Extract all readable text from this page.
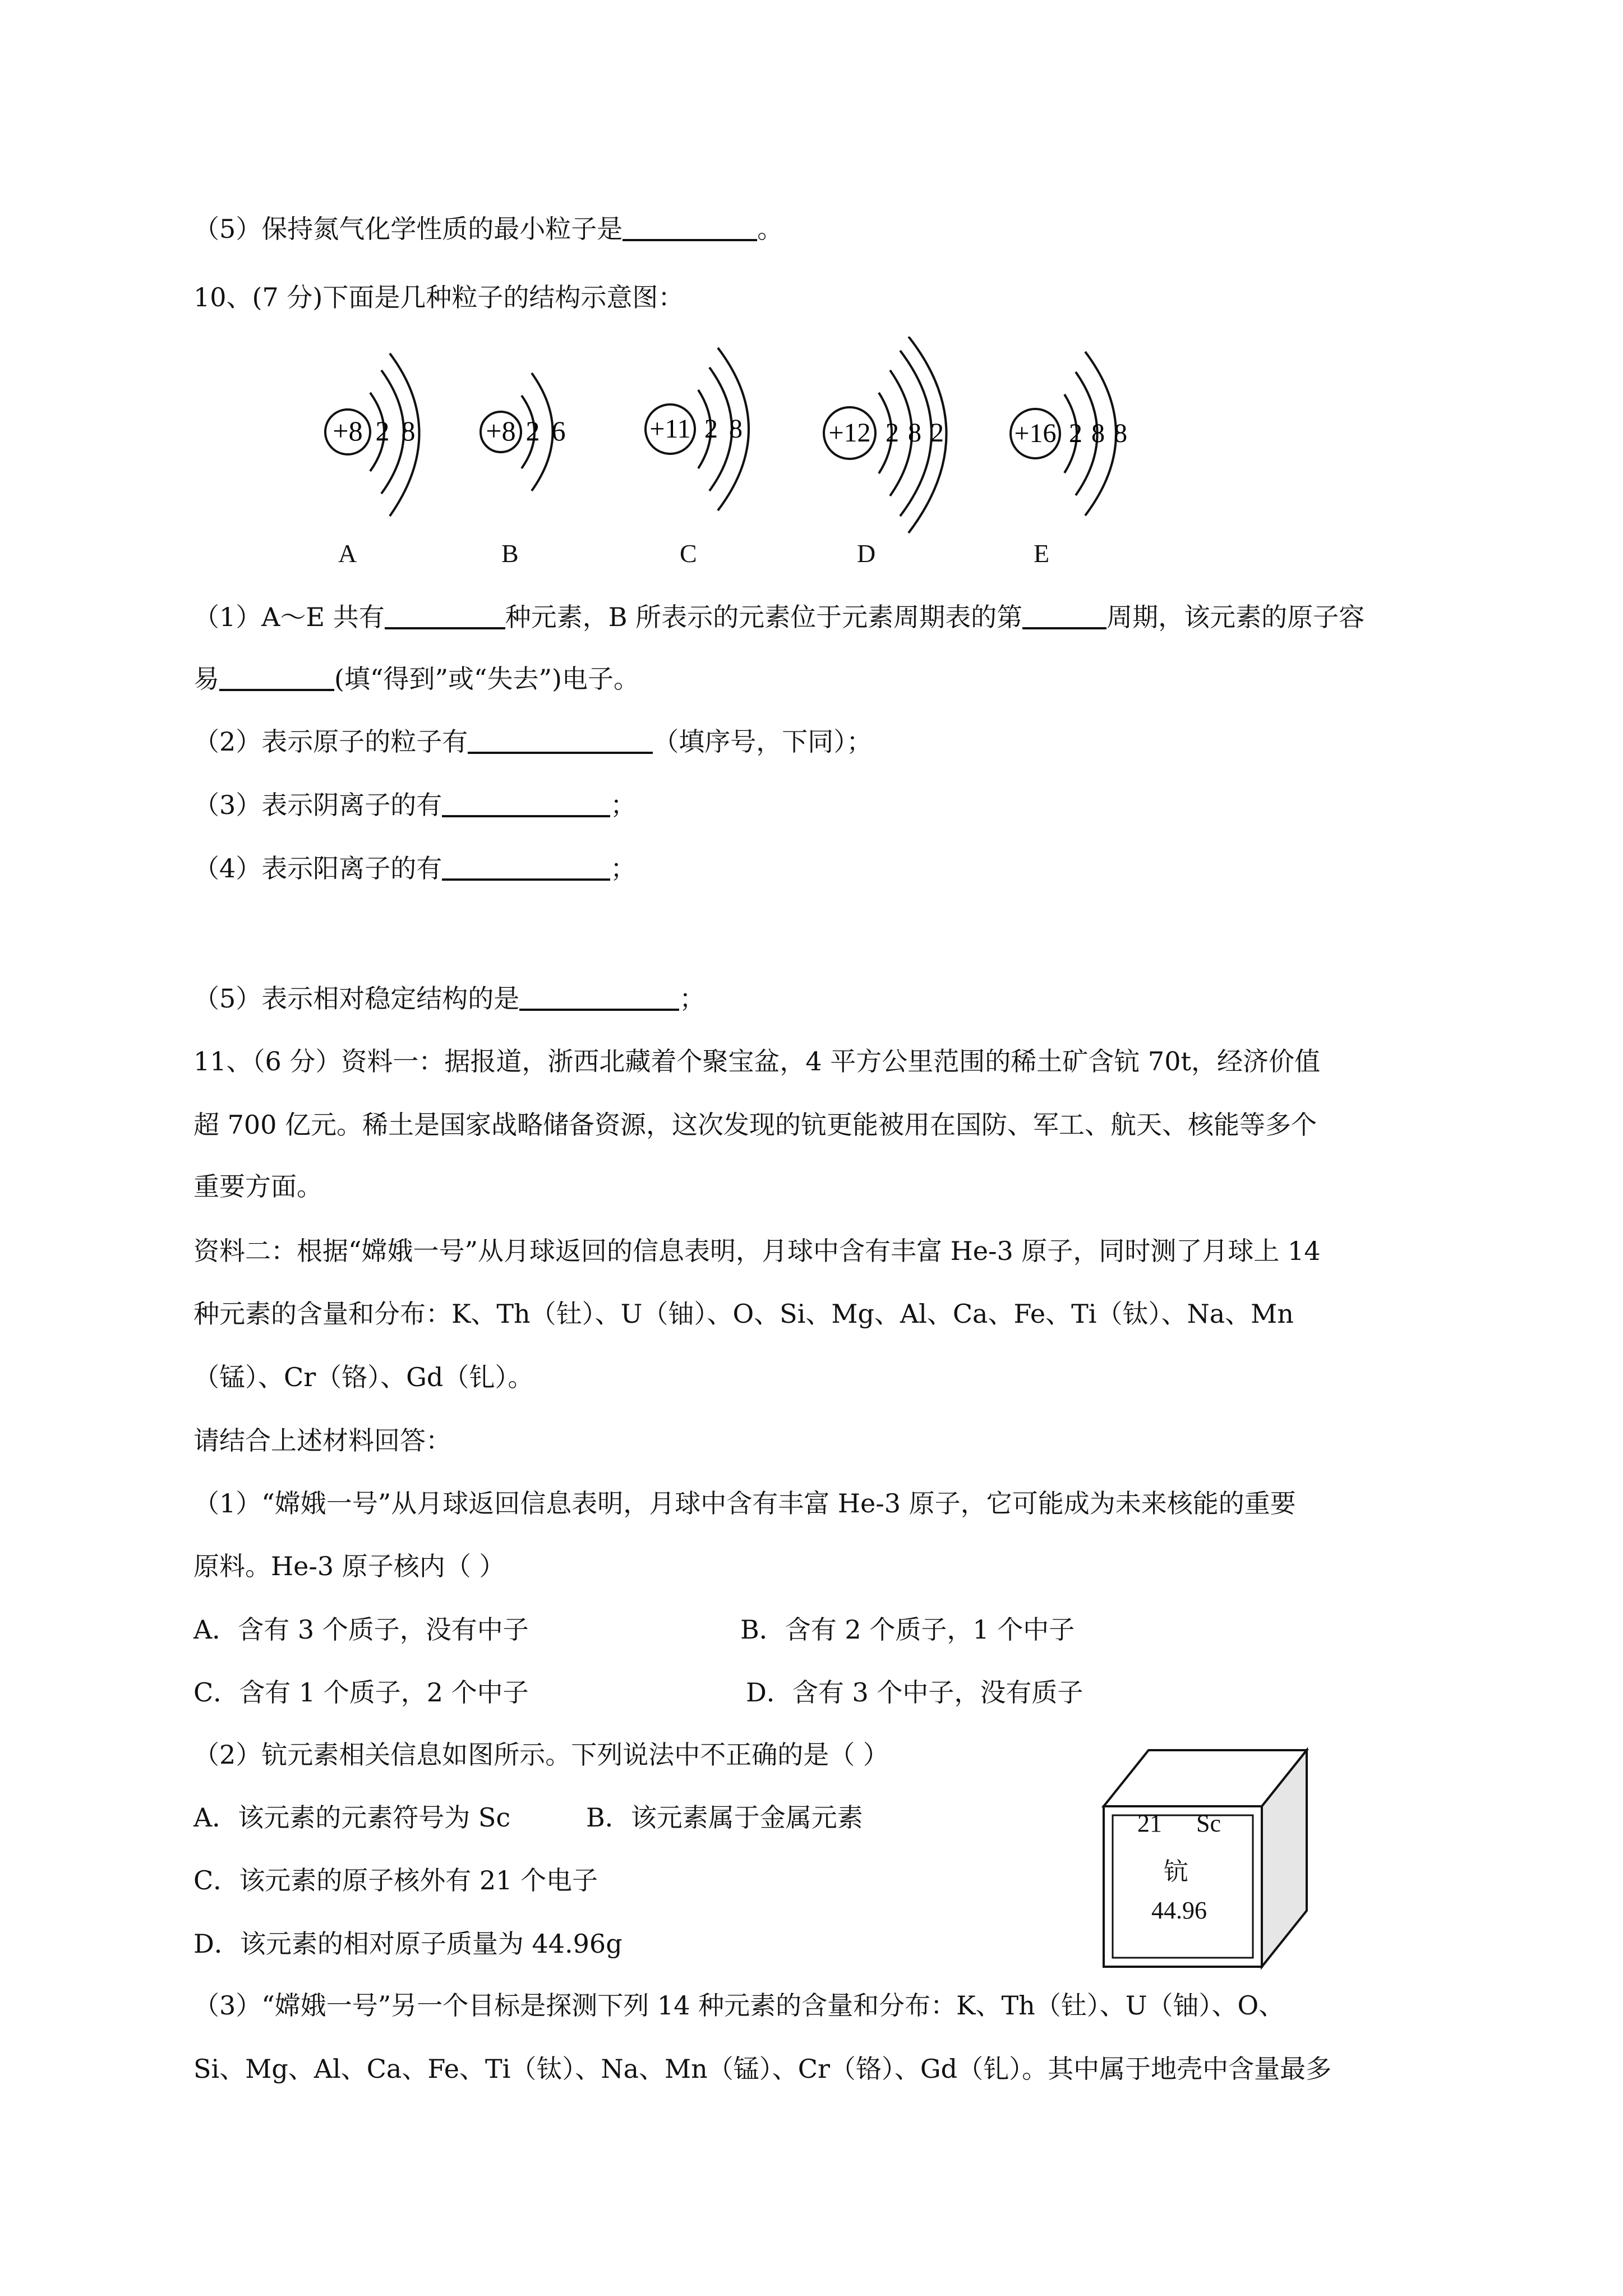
（5）保持氮气化学性质的最小粒子是	。
10、(7 分)下面是几种粒子的结构示意图：
+8 2 8
A
+8 2 6
B
+11 2 8
C
+12 2 8 2
D
+16 2 8 8
E
（1）A～E 共有	种元素，B 所表示的元素位于元素周期表的第	周期，该元素的原子容
易	(填“得到”或“失去”)电子。
（2）表示原子的粒子有	（填序号，下同）；
（3）表示阴离子的有	；
（4）表示阳离子的有	；
（5）表示相对稳定结构的是	；
11、（6 分）资料一：据报道，浙西北藏着个聚宝盆，4 平方公里范围的稀土矿含钪 70t，经济价值
超 700 亿元。稀土是国家战略储备资源，这次发现的钪更能被用在国防、军工、航天、核能等多个
重要方面。
资料二：根据“嫦娥一号”从月球返回的信息表明，月球中含有丰富 He-3 原子，同时测了月球上 14
种元素的含量和分布：K、Th（钍）、U（铀）、O、Si、Mg、Al、Ca、Fe、Ti（钛）、Na、Mn
（锰）、Cr（铬）、Gd（钆）。
请结合上述材料回答：
（1）“嫦娥一号”从月球返回信息表明，月球中含有丰富 He-3 原子，它可能成为未来核能的重要
原料。He-3 原子核内（ ）
A．含有 3 个质子，没有中子	B．含有 2 个质子，1 个中子
C．含有 1 个质子，2 个中子	D．含有 3 个中子，没有质子
（2）钪元素相关信息如图所示。下列说法中不正确的是（ ）
A．该元素的元素符号为 Sc	B．该元素属于金属元素
C．该元素的原子核外有 21 个电子
D．该元素的相对原子质量为 44.96g
21 Sc
钪
44.96
（3）“嫦娥一号”另一个目标是探测下列 14 种元素的含量和分布：K、Th（钍）、U（铀）、O、
Si、Mg、Al、Ca、Fe、Ti（钛）、Na、Mn（锰）、Cr（铬）、Gd（钆）。其中属于地壳中含量最多
